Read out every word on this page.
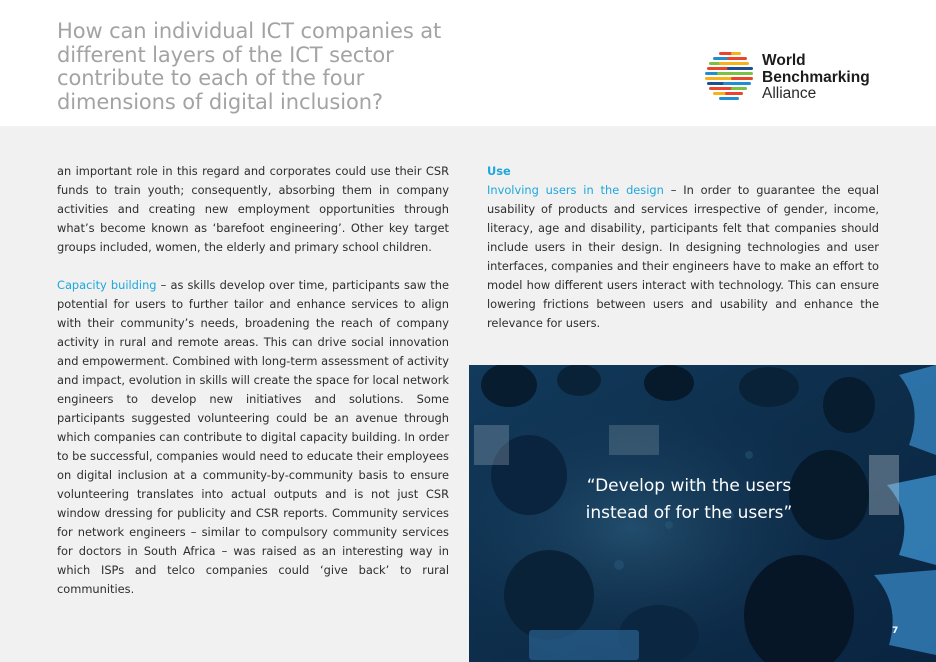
How can individual ICT companies at different layers of the ICT sector contribute to each of the four dimensions of digital inclusion?
World
Benchmarking
Alliance

an important role in this regard and corporates could use their CSR funds to train youth; consequently, absorbing them in company activities and creating new employment opportunities through what’s become known as ‘barefoot engineering’. Other key target groups included, women, the elderly and primary school children.

Capacity building – as skills develop over time, participants saw the potential for users to further tailor and enhance services to align with their community’s needs, broadening the reach of company activity in rural and remote areas. This can drive social innovation and empowerment. Combined with long-term assessment of activity and impact, evolution in skills will create the space for local network engineers to develop new initiatives and solutions. Some participants suggested volunteering could be an avenue through which companies can contribute to digital capacity building. In order to be successful, companies would need to educate their employees on digital inclusion at a community-by-community basis to ensure volunteering translates into actual outputs and is not just CSR window dressing for publicity and CSR reports. Community services for network engineers – similar to compulsory community services for doctors in South Africa – was raised as an interesting way in which ISPs and telco companies could ‘give back’ to rural communities.

Use

Involving users in the design – In order to guarantee the equal usability of products and services irrespective of gender, income, literacy, age and disability, participants felt that companies should include users in their design. In designing technologies and user interfaces, companies and their engineers have to make an effort to model how different users interact with technology. This can ensure lowering frictions between users and usability and enhance the relevance for users.

“Develop with the users
instead of for the users”
7
